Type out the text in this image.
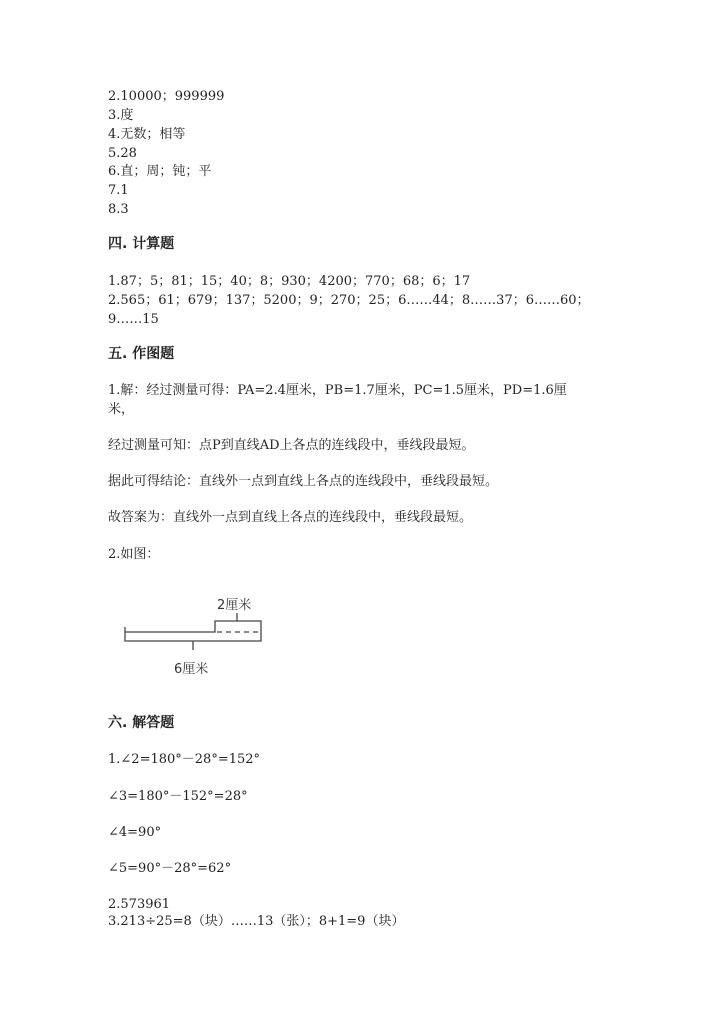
2.10000；999999
3.度
4.无数；相等
5.28
6.直；周；钝；平
7.1
8.3
四. 计算题
1.87；5；81；15；40；8；930；4200；770；68；6；17
2.565；61；679；137；5200；9；270；25；6……44；8……37；6……60；
9……15
五. 作图题
1.解：经过测量可得：PA=2.4厘米，PB=1.7厘米，PC=1.5厘米，PD=1.6厘
米，
经过测量可知：点P到直线AD上各点的连线段中，垂线段最短。
据此可得结论：直线外一点到直线上各点的连线段中，垂线段最短。
故答案为：直线外一点到直线上各点的连线段中，垂线段最短。
2.如图：
2厘米
6厘米
六. 解答题
1.∠2=180°－28°=152°
∠3=180°－152°=28°
∠4=90°
∠5=90°－28°=62°
2.573961
3.213÷25=8（块）……13（张）；8+1=9（块）
